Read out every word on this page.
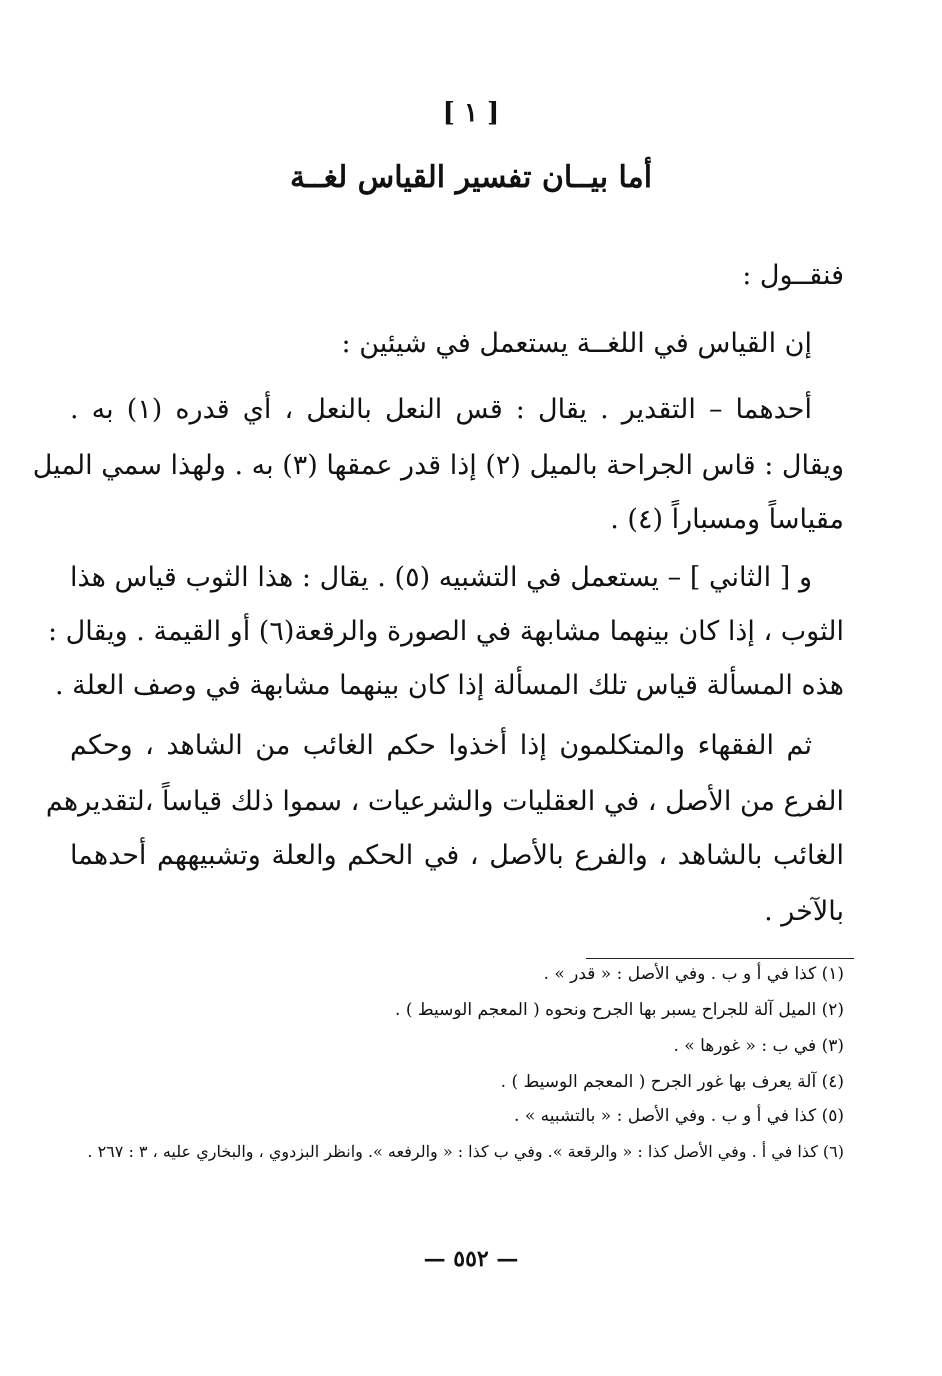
[ ١ ]
أما بيــان تفسير القياس لغــة

فنقــول :

إن القياس في اللغــة يستعمل في شيئين :

أحدهما – التقدير . يقال : قس النعل بالنعل ، أي قدره (١) به .

ويقال : قاس الجراحة بالميل (٢) إذا قدر عمقها (٣) به . ولهذا سمي الميل

مقياساً ومسباراً (٤) .

و [ الثاني ] – يستعمل في التشبيه (٥) . يقال : هذا الثوب قياس هذا

الثوب ، إذا كان بينهما مشابهة في الصورة والرقعة(٦) أو القيمة . ويقال :

هذه المسألة قياس تلك المسألة إذا كان بينهما مشابهة في وصف العلة .

ثم الفقهاء والمتكلمون إذا أخذوا حكم الغائب من الشاهد ، وحكم

الفرع من الأصل ، في العقليات والشرعيات ، سموا ذلك قياساً ،لتقديرهم

الغائب بالشاهد ، والفرع بالأصل ، في الحكم والعلة وتشبيههم أحدهما

بالآخر .

(١) كذا في أ و ب . وفي الأصل : « قدر » .

(٢) الميل آلة للجراح يسبر بها الجرح ونحوه ( المعجم الوسيط ) .

(٣) في ب : « غورها » .

(٤) آلة يعرف بها غور الجرح ( المعجم الوسيط ) .

(٥) كذا في أ و ب . وفي الأصل : « بالتشبيه » .

(٦) كذا في أ . وفي الأصل كذا : « والرقعة ». وفي ب كذا : « والرفعه ». وانظر البزدوي ، والبخاري عليه ، ٣ : ٢٦٧ .

— ٥٥٢ —
